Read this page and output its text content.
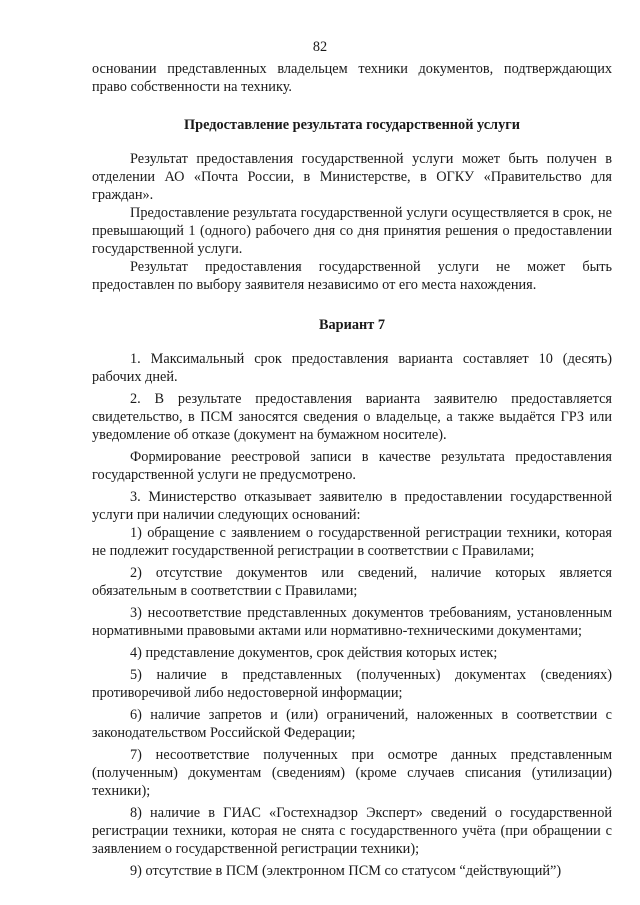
82

основании представленных владельцем техники документов, подтверждающих право собственности на технику.

Предоставление результата государственной услуги

Результат предоставления государственной услуги может быть получен в отделении АО «Почта России, в Министерстве, в ОГКУ «Правительство для граждан».

Предоставление результата государственной услуги осуществляется в срок, не превышающий 1 (одного) рабочего дня со дня принятия решения о предоставлении государственной услуги.

Результат предоставления государственной услуги не может быть предоставлен по выбору заявителя независимо от его места нахождения.

Вариант 7

1. Максимальный срок предоставления варианта составляет 10 (десять) рабочих дней.

2. В результате предоставления варианта заявителю предоставляется свидетельство, в ПСМ заносятся сведения о владельце, а также выдаётся ГРЗ или уведомление об отказе (документ на бумажном носителе).

Формирование реестровой записи в качестве результата предоставления государственной услуги не предусмотрено.

3. Министерство отказывает заявителю в предоставлении государственной услуги при наличии следующих оснований:

1) обращение с заявлением о государственной регистрации техники, которая не подлежит государственной регистрации в соответствии с Правилами;

2) отсутствие документов или сведений, наличие которых является обязательным в соответствии с Правилами;

3) несоответствие представленных документов требованиям, установленным нормативными правовыми актами или нормативно-техническими документами;

4) представление документов, срок действия которых истек;

5) наличие в представленных (полученных) документах (сведениях) противоречивой либо недостоверной информации;

6) наличие запретов и (или) ограничений, наложенных в соответствии с законодательством Российской Федерации;

7) несоответствие полученных при осмотре данных представленным (полученным) документам (сведениям) (кроме случаев списания (утилизации) техники);

8) наличие в ГИАС «Гостехнадзор Эксперт» сведений о государственной регистрации техники, которая не снята с государственного учёта (при обращении с заявлением о государственной регистрации техники);

9) отсутствие в ПСМ (электронном ПСМ со статусом “действующий”)
